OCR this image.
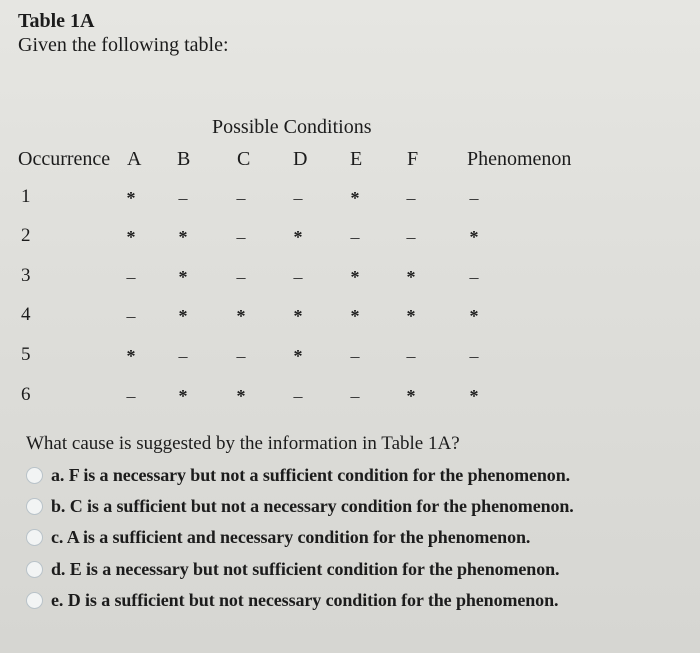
Table 1A
Given the following table:
Possible Conditions
Occurrence A B C D E F Phenomenon
1	*	–	–	–	*	–	–
2	*	*	–	*	–	–	*
3	–	*	–	–	*	*	–
4	–	*	*	*	*	*	*
5	*	–	–	*	–	–	–
6	–	*	*	–	–	*	*
What cause is suggested by the information in Table 1A?
a. F is a necessary but not a sufficient condition for the phenomenon.
b. C is a sufficient but not a necessary condition for the phenomenon.
c. A is a sufficient and necessary condition for the phenomenon.
d. E is a necessary but not sufficient condition for the phenomenon.
e. D is a sufficient but not necessary condition for the phenomenon.
